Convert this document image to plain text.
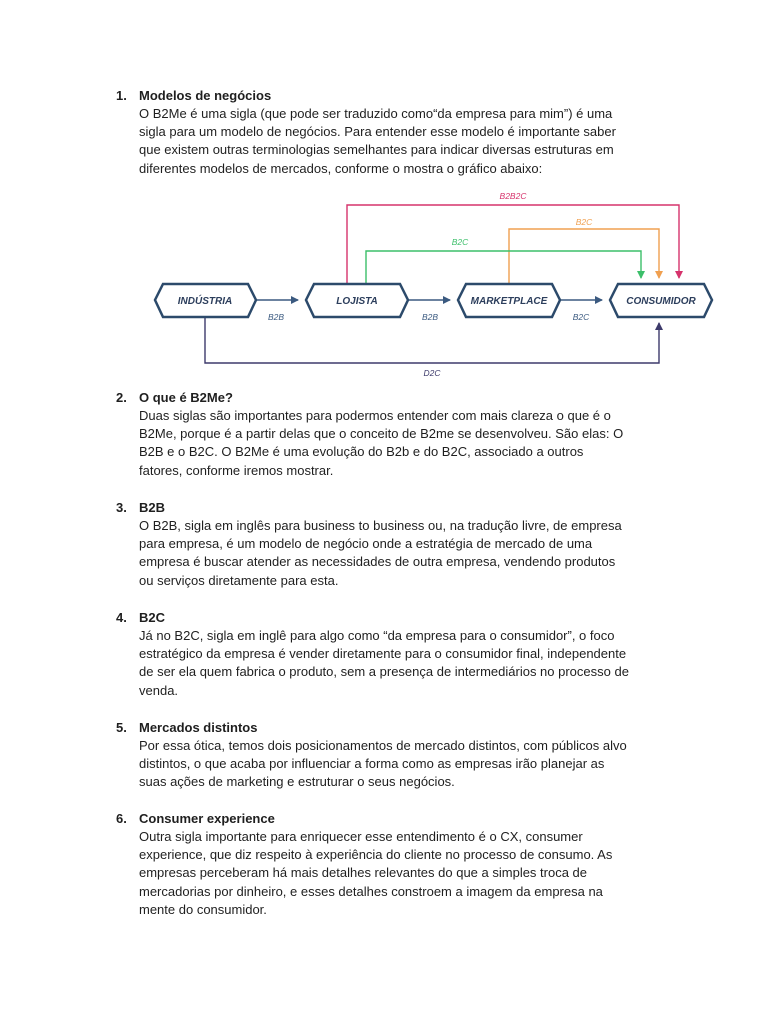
1. Modelos de negócios
O B2Me é uma sigla (que pode ser traduzido como“da empresa para mim”) é uma
sigla para um modelo de negócios. Para entender esse modelo é importante saber
que existem outras terminologias semelhantes para indicar diversas estruturas em
diferentes modelos de mercados, conforme o mostra o gráfico abaixo:
B2B2C
B2C
B2C
D2C
B2B	B2B	B2C
INDÚSTRIA	LOJISTA	MARKETPLACE	CONSUMIDOR
2. O que é B2Me?
Duas siglas são importantes para podermos entender com mais clareza o que é o
B2Me, porque é a partir delas que o conceito de B2me se desenvolveu. São elas: O
B2B e o B2C. O B2Me é uma evolução do B2b e do B2C, associado a outros
fatores, conforme iremos mostrar.
3. B2B
O B2B, sigla em inglês para business to business ou, na tradução livre, de empresa
para empresa, é um modelo de negócio onde a estratégia de mercado de uma
empresa é buscar atender as necessidades de outra empresa, vendendo produtos
ou serviços diretamente para esta.
4. B2C
Já no B2C, sigla em inglê para algo como “da empresa para o consumidor”, o foco
estratégico da empresa é vender diretamente para o consumidor final, independente
de ser ela quem fabrica o produto, sem a presença de intermediários no processo de
venda.
5. Mercados distintos
Por essa ótica, temos dois posicionamentos de mercado distintos, com públicos alvo
distintos, o que acaba por influenciar a forma como as empresas irão planejar as
suas ações de marketing e estruturar o seus negócios.
6. Consumer experience
Outra sigla importante para enriquecer esse entendimento é o CX, consumer
experience, que diz respeito à experiência do cliente no processo de consumo. As
empresas perceberam há mais detalhes relevantes do que a simples troca de
mercadorias por dinheiro, e esses detalhes constroem a imagem da empresa na
mente do consumidor.
